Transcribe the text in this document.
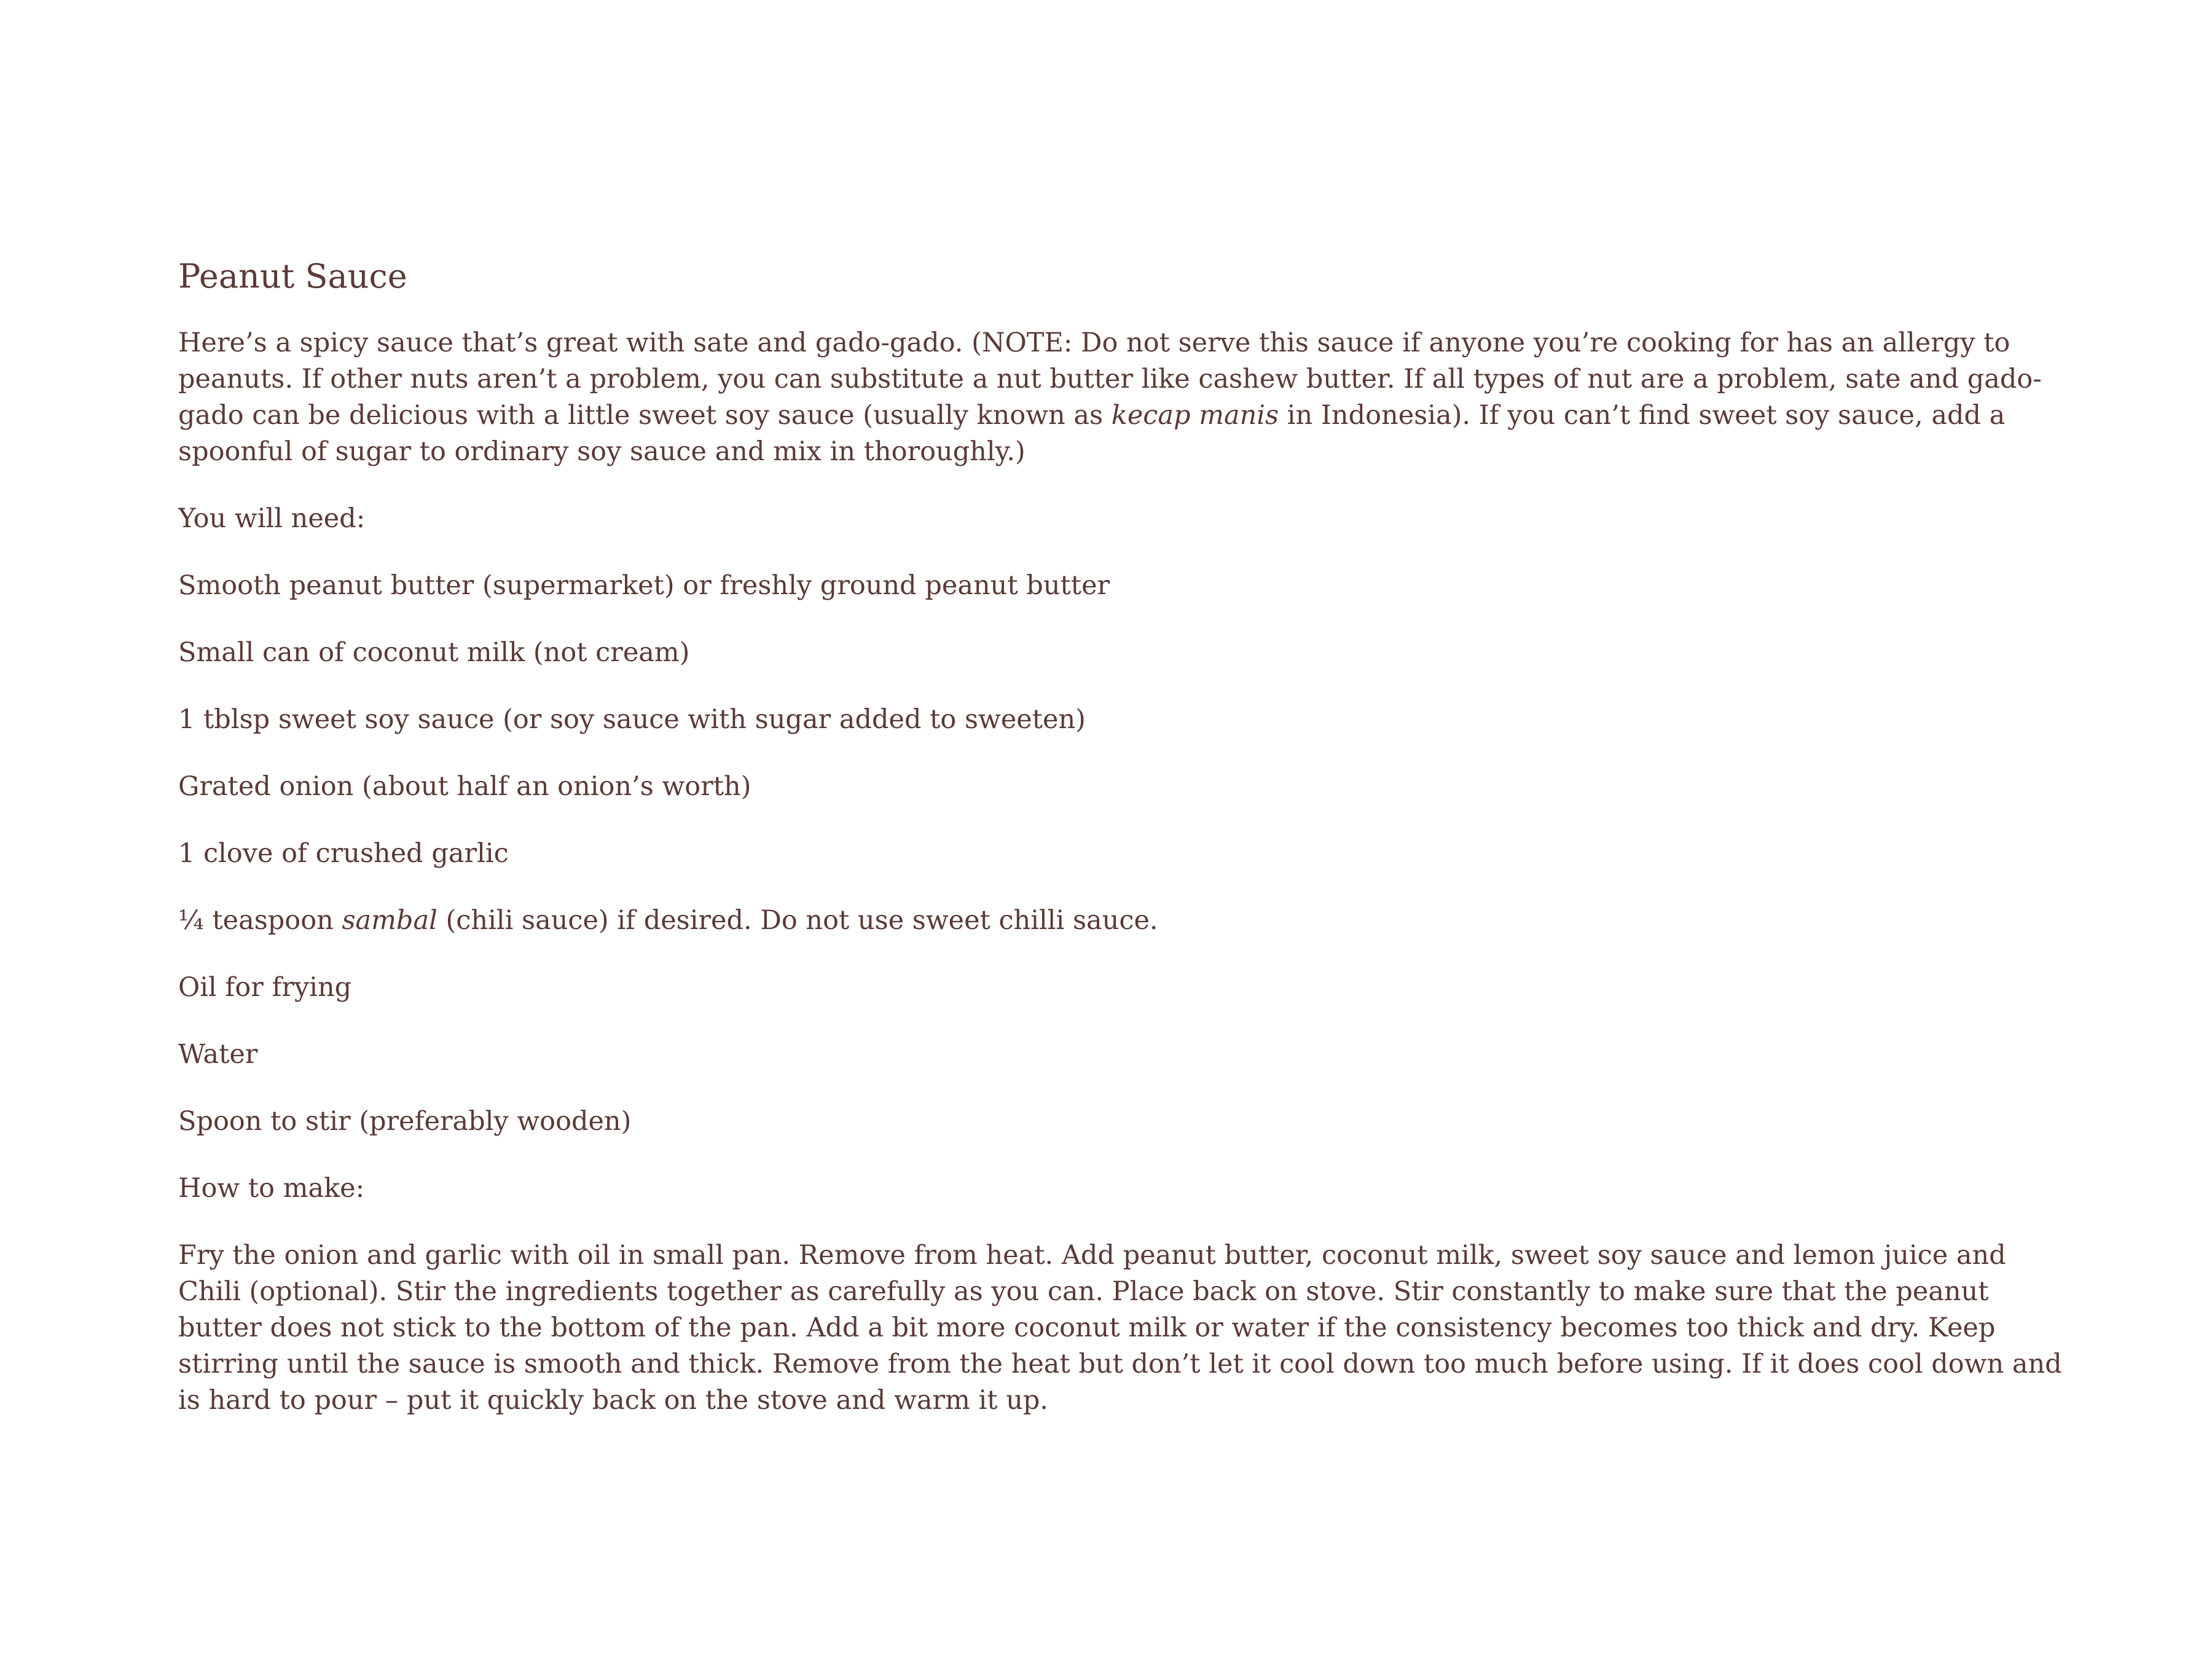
Peanut Sauce

Here’s a spicy sauce that’s great with sate and gado-gado. (NOTE: Do not serve this sauce if anyone you’re cooking for has an allergy to peanuts. If other nuts aren’t a problem, you can substitute a nut butter like cashew butter. If all types of nut are a problem, sate and gado-gado can be delicious with a little sweet soy sauce (usually known as kecap manis in Indonesia). If you can’t find sweet soy sauce, add a spoonful of sugar to ordinary soy sauce and mix in thoroughly.)

You will need:

Smooth peanut butter (supermarket) or freshly ground peanut butter
Small can of coconut milk (not cream)
1 tblsp sweet soy sauce (or soy sauce with sugar added to sweeten)
Grated onion (about half an onion’s worth)
1 clove of crushed garlic
¼ teaspoon sambal (chili sauce) if desired. Do not use sweet chilli sauce.
Oil for frying
Water
Spoon to stir (preferably wooden)

How to make:

Fry the onion and garlic with oil in small pan. Remove from heat. Add peanut butter, coconut milk, sweet soy sauce and lemon juice and Chili (optional). Stir the ingredients together as carefully as you can. Place back on stove. Stir constantly to make sure that the peanut butter does not stick to the bottom of the pan. Add a bit more coconut milk or water if the consistency becomes too thick and dry. Keep stirring until the sauce is smooth and thick. Remove from the heat but don’t let it cool down too much before using. If it does cool down and is hard to pour – put it quickly back on the stove and warm it up.
